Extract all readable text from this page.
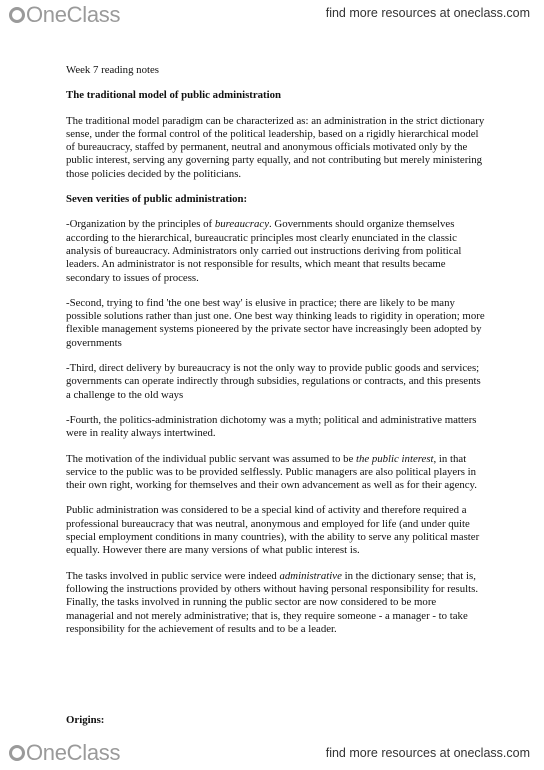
OneClass	find more resources at oneclass.com

Week 7 reading notes

The traditional model of public administration

The traditional model paradigm can be characterized as: an administration in the strict dictionary sense, under the formal control of the political leadership, based on a rigidly hierarchical model of bureaucracy, staffed by permanent, neutral and anonymous officials motivated only by the public interest, serving any governing party equally, and not contributing but merely ministering those policies decided by the politicians.

Seven verities of public administration:

-Organization by the principles of bureaucracy. Governments should organize themselves according to the hierarchical, bureaucratic principles most clearly enunciated in the classic analysis of bureaucracy. Administrators only carried out instructions deriving from political leaders. An administrator is not responsible for results, which meant that results became secondary to issues of process.

-Second, trying to find 'the one best way' is elusive in practice; there are likely to be many possible solutions rather than just one. One best way thinking leads to rigidity in operation; more flexible management systems pioneered by the private sector have increasingly been adopted by governments

-Third, direct delivery by bureaucracy is not the only way to provide public goods and services; governments can operate indirectly through subsidies, regulations or contracts, and this presents a challenge to the old ways

-Fourth, the politics-administration dichotomy was a myth; political and administrative matters were in reality always intertwined.

The motivation of the individual public servant was assumed to be the public interest, in that service to the public was to be provided selflessly. Public managers are also political players in their own right, working for themselves and their own advancement as well as for their agency.

Public administration was considered to be a special kind of activity and therefore required a professional bureaucracy that was neutral, anonymous and employed for life (and under quite special employment conditions in many countries), with the ability to serve any political master equally. However there are many versions of what public interest is.

The tasks involved in public service were indeed administrative in the dictionary sense; that is, following the instructions provided by others without having personal responsibility for results. Finally, the tasks involved in running the public sector are now considered to be more managerial and not merely administrative; that is, they require someone - a manager - to take responsibility for the achievement of results and to be a leader.

Origins:

OneClass	find more resources at oneclass.com
